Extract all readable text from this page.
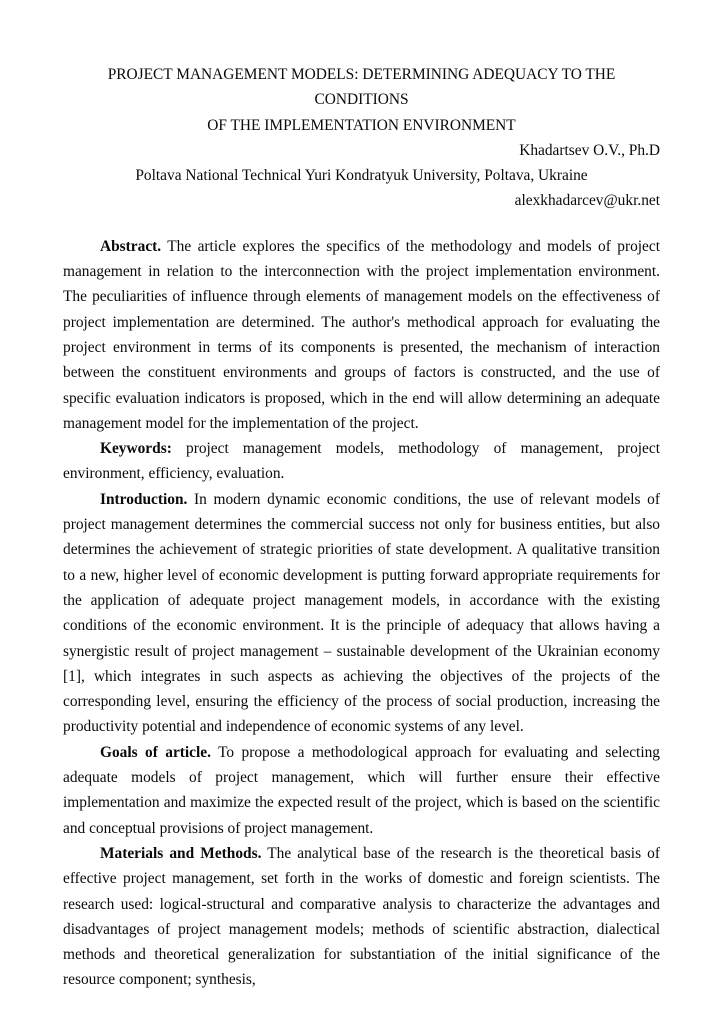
PROJECT MANAGEMENT MODELS: DETERMINING ADEQUACY TO THE CONDITIONS
OF THE IMPLEMENTATION ENVIRONMENT
Khadartsev O.V., Ph.D
Poltava National Technical Yuri Kondratyuk University, Poltava, Ukraine
alexkhadarcev@ukr.net

Abstract. The article explores the specifics of the methodology and models of project management in relation to the interconnection with the project implementation environment. The peculiarities of influence through elements of management models on the effectiveness of project implementation are determined. The author's methodical approach for evaluating the project environment in terms of its components is presented, the mechanism of interaction between the constituent environments and groups of factors is constructed, and the use of specific evaluation indicators is proposed, which in the end will allow determining an adequate management model for the implementation of the project.

Keywords: project management models, methodology of management, project environment, efficiency, evaluation.

Introduction. In modern dynamic economic conditions, the use of relevant models of project management determines the commercial success not only for business entities, but also determines the achievement of strategic priorities of state development. A qualitative transition to a new, higher level of economic development is putting forward appropriate requirements for the application of adequate project management models, in accordance with the existing conditions of the economic environment. It is the principle of adequacy that allows having a synergistic result of project management – sustainable development of the Ukrainian economy [1], which integrates in such aspects as achieving the objectives of the projects of the corresponding level, ensuring the efficiency of the process of social production, increasing the productivity potential and independence of economic systems of any level.

Goals of article. To propose a methodological approach for evaluating and selecting adequate models of project management, which will further ensure their effective implementation and maximize the expected result of the project, which is based on the scientific and conceptual provisions of project management.

Materials and Methods. The analytical base of the research is the theoretical basis of effective project management, set forth in the works of domestic and foreign scientists. The research used: logical-structural and comparative analysis to characterize the advantages and disadvantages of project management models; methods of scientific abstraction, dialectical methods and theoretical generalization for substantiation of the initial significance of the resource component; synthesis,
